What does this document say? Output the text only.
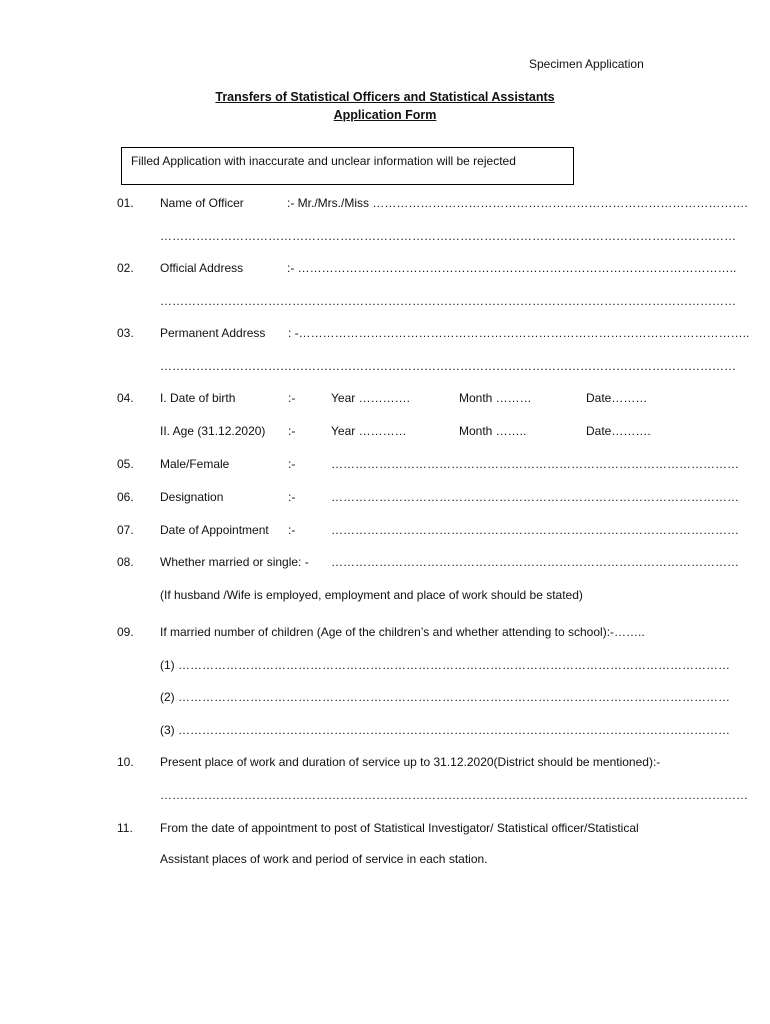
Specimen Application
Transfers of Statistical Officers and Statistical Assistants
Application Form
Filled Application with inaccurate and unclear information will be rejected
01. Name of Officer	:- Mr./Mrs./Miss ………………………………………………………………………………….
………………………………………………………………………………………………………………………………
02. Official Address	:- ………………………………………………………………………………………………..
………………………………………………………………………………………………………………………………
03. Permanent Address : -…………………………………………………………………………………………………..
………………………………………………………………………………………………………………………………
04. I. Date of birth	:-	Year ………….	Month ………	Date………
II. Age (31.12.2020) :-	Year …………	Month ……..	Date……….
05. Male/Female	:-	…………………………………………………………………………………………
06. Designation	:-	…………………………………………………………………………………………
07. Date of Appointment :-	…………………………………………………………………………………………
08. Whether married or single: - …………………………………………………………………………………………
(If husband /Wife is employed, employment and place of work should be stated)
09. If married number of children (Age of the children’s and whether attending to school):-……..
(1) …………………………………………………………………………………………………………………………
(2) …………………………………………………………………………………………………………………………
(3) …………………………………………………………………………………………………………………………
10. Present place of work and duration of service up to 31.12.2020(District should be mentioned):-
…………………………………………………………………………………………………………………………………
11. From the date of appointment to post of Statistical Investigator/ Statistical officer/Statistical
Assistant places of work and period of service in each station.
